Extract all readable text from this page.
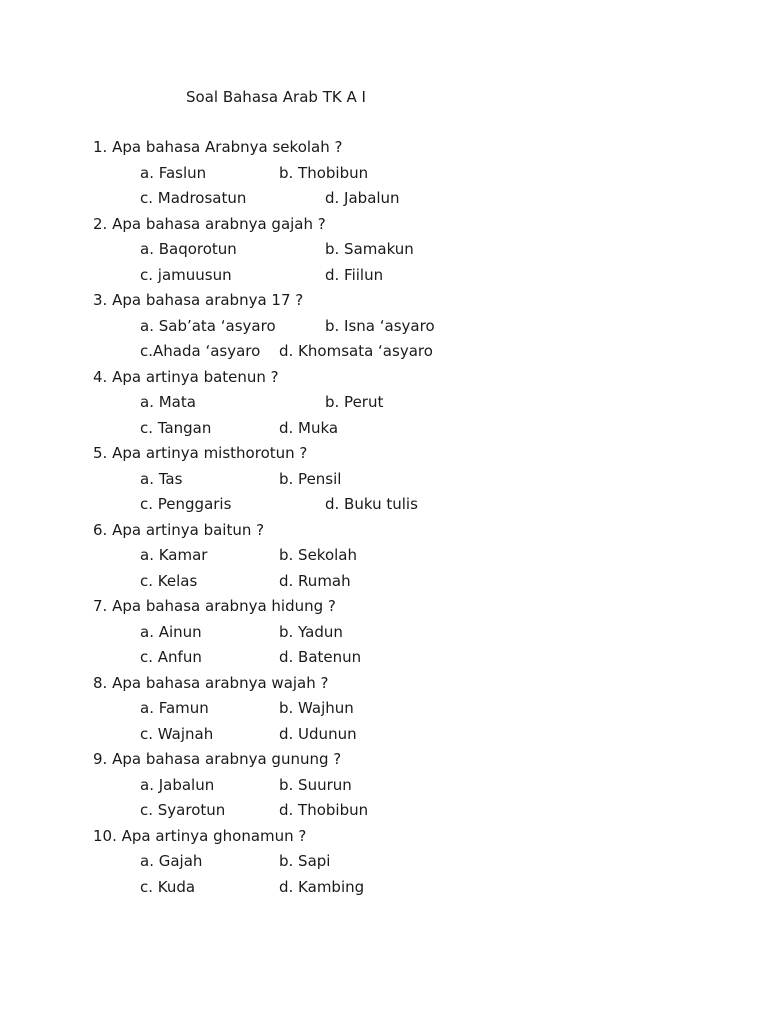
Soal Bahasa Arab TK A I
1. Apa bahasa Arabnya sekolah ?
a. Faslun	b. Thobibun
c. Madrosatun	d. Jabalun
2. Apa bahasa arabnya gajah ?
a. Baqorotun	b. Samakun
c. jamuusun	d. Fiilun
3. Apa bahasa arabnya 17 ?
a. Sab’ata ‘asyaro	b. Isna ‘asyaro
c.Ahada ‘asyaro d. Khomsata ‘asyaro
4. Apa artinya batenun ?
a. Mata	b. Perut
c. Tangan	d. Muka
5. Apa artinya misthorotun ?
a. Tas	b. Pensil
c. Penggaris	d. Buku tulis
6. Apa artinya baitun ?
a. Kamar	b. Sekolah
c. Kelas	d. Rumah
7. Apa bahasa arabnya hidung ?
a. Ainun	b. Yadun
c. Anfun	d. Batenun
8. Apa bahasa arabnya wajah ?
a. Famun	b. Wajhun
c. Wajnah	d. Udunun
9. Apa bahasa arabnya gunung ?
a. Jabalun	b. Suurun
c. Syarotun	d. Thobibun
10. Apa artinya ghonamun ?
a. Gajah	b. Sapi
c. Kuda	d. Kambing
